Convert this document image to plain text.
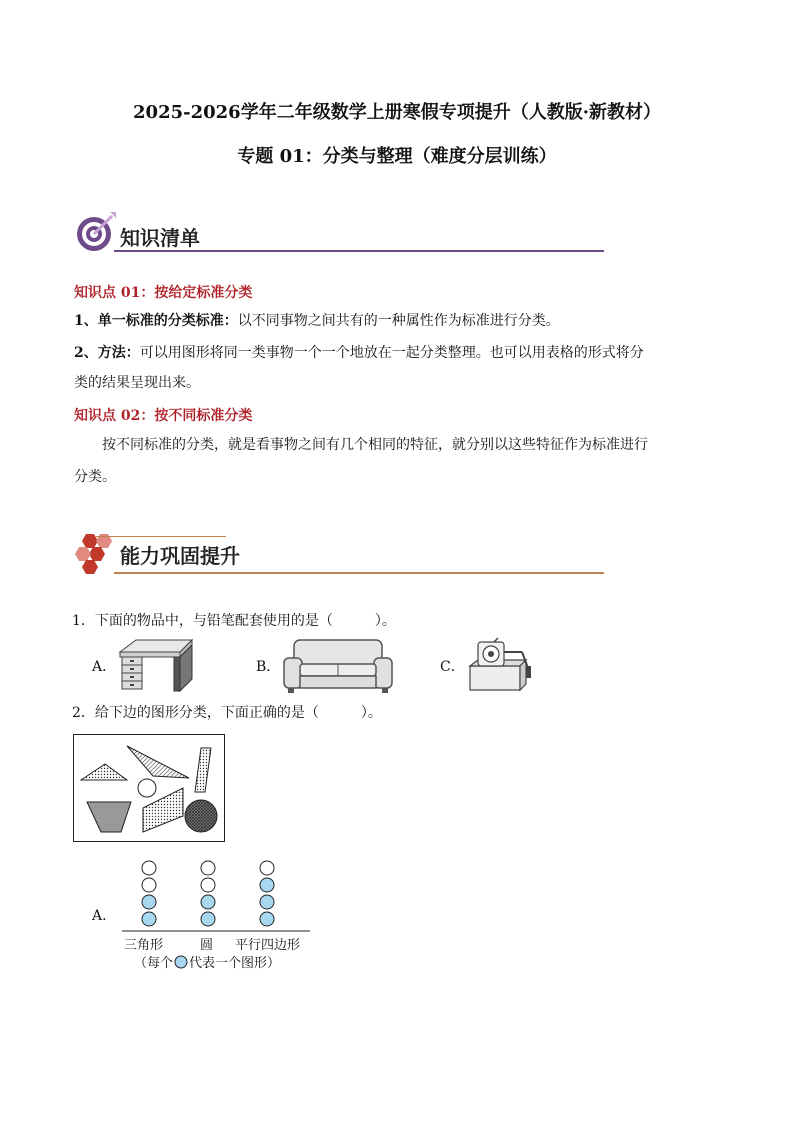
2025-2026学年二年级数学上册寒假专项提升（人教版·新教材）
专题 01：分类与整理（难度分层训练）
知识清单
知识点 01：按给定标准分类
1、单一标准的分类标准：以不同事物之间共有的一种属性作为标准进行分类。
2、方法：可以用图形将同一类事物一个一个地放在一起分类整理。也可以用表格的形式将分
类的结果呈现出来。
知识点 02：按不同标准分类
按不同标准的分类，就是看事物之间有几个相同的特征，就分别以这些特征作为标准进行
分类。
能力巩固提升
1．下面的物品中，与铅笔配套使用的是（　　　）。
A．	B．	C．
2．给下边的图形分类，下面正确的是（　　　）。
A．
三角形	圆 平行四边形
（每个 代表一个图形）
